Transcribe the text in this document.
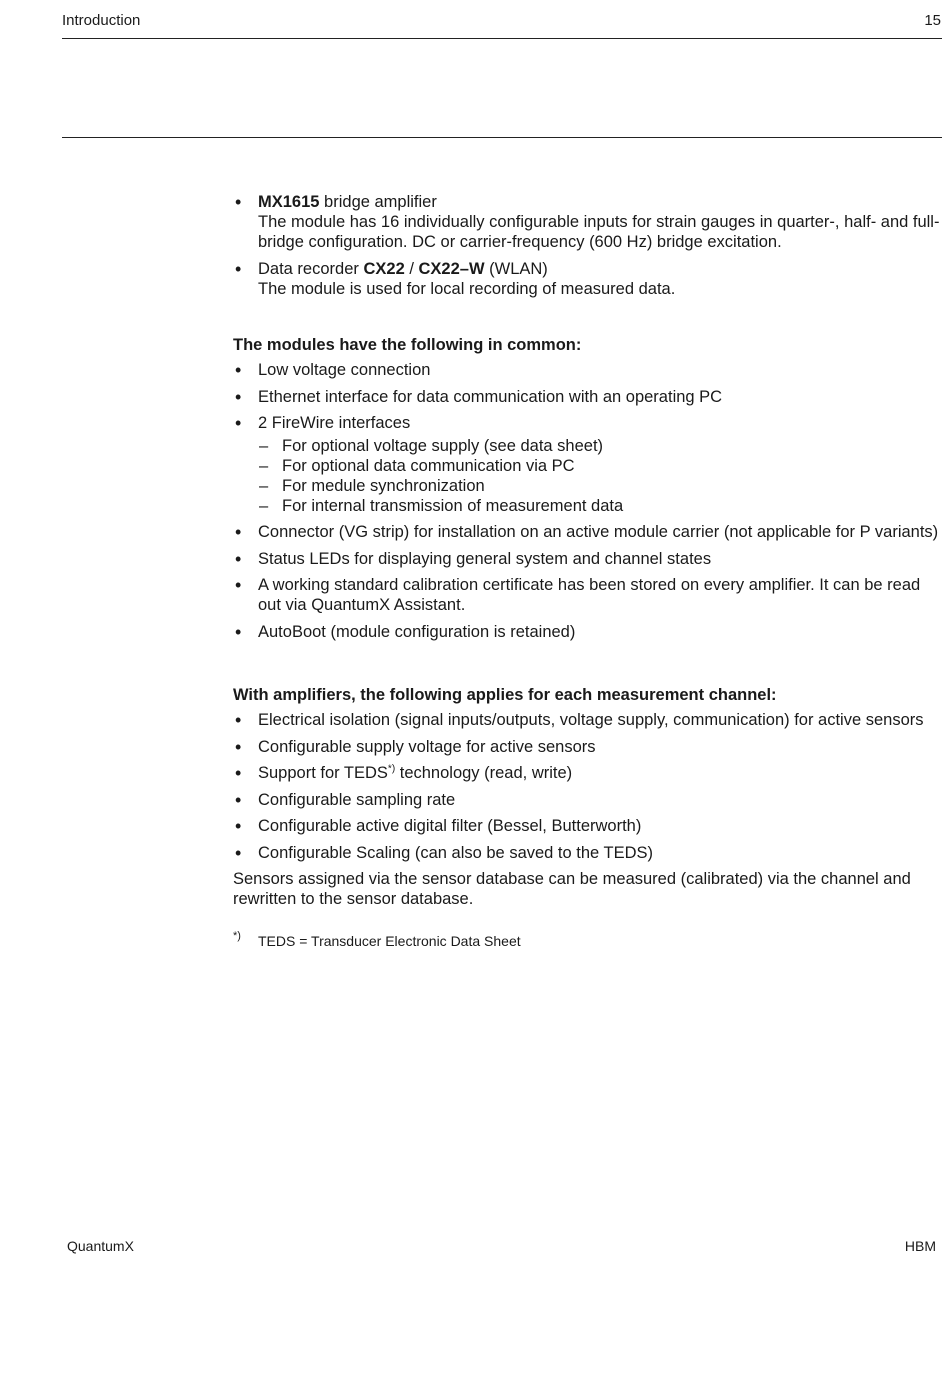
Introduction	15
• MX1615 bridge amplifier
The module has 16 individually configurable inputs for strain gauges in quarter-, half- and full-bridge configuration. DC or carrier-frequency (600 Hz) bridge excitation.
• Data recorder CX22 / CX22–W (WLAN)
The module is used for local recording of measured data.
The modules have the following in common:
• Low voltage connection
• Ethernet interface for data communication with an operating PC
• 2 FireWire interfaces
– For optional voltage supply (see data sheet)
– For optional data communication via PC
– For medule synchronization
– For internal transmission of measurement data
• Connector (VG strip) for installation on an active module carrier (not applicable for P variants)
• Status LEDs for displaying general system and channel states
• A working standard calibration certificate has been stored on every amplifier. It can be read out via QuantumX Assistant.
• AutoBoot (module configuration is retained)
With amplifiers, the following applies for each measurement channel:
• Electrical isolation (signal inputs/outputs, voltage supply, communication) for active sensors
• Configurable supply voltage for active sensors
• Support for TEDS*) technology (read, write)
• Configurable sampling rate
• Configurable active digital filter (Bessel, Butterworth)
• Configurable Scaling (can also be saved to the TEDS)
Sensors assigned via the sensor database can be measured (calibrated) via the channel and rewritten to the sensor database.
*) TEDS = Transducer Electronic Data Sheet
QuantumX	HBM
